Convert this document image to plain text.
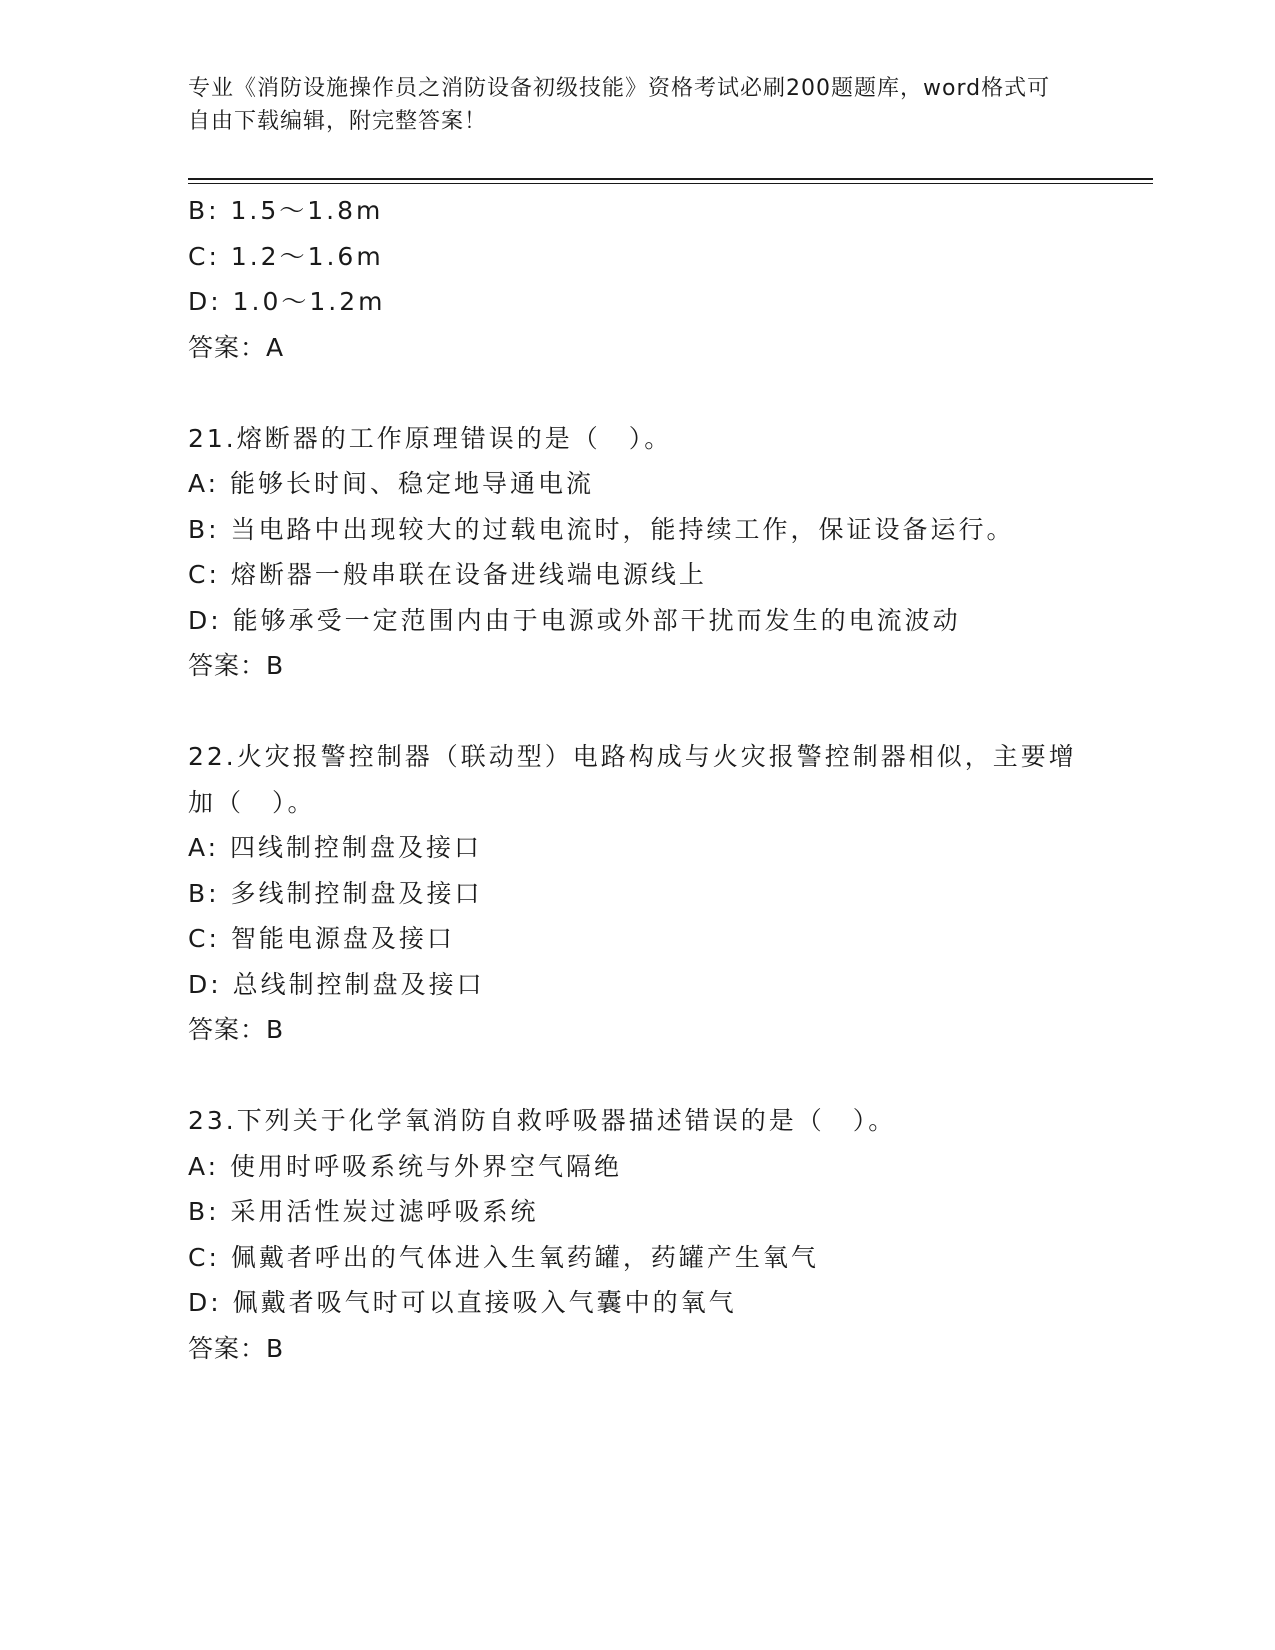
专业《消防设施操作员之消防设备初级技能》资格考试必刷200题题库，word格式可自由下载编辑，附完整答案！
B: 1.5～1.8m
C: 1.2～1.6m
D: 1.0～1.2m
答案：A
21.熔断器的工作原理错误的是（　）。
A: 能够长时间、稳定地导通电流
B: 当电路中出现较大的过载电流时，能持续工作，保证设备运行。
C: 熔断器一般串联在设备进线端电源线上
D: 能够承受一定范围内由于电源或外部干扰而发生的电流波动
答案：B
22.火灾报警控制器（联动型）电路构成与火灾报警控制器相似，主要增加（　）。
A: 四线制控制盘及接口
B: 多线制控制盘及接口
C: 智能电源盘及接口
D: 总线制控制盘及接口
答案：B
23.下列关于化学氧消防自救呼吸器描述错误的是（　）。
A: 使用时呼吸系统与外界空气隔绝
B: 采用活性炭过滤呼吸系统
C: 佩戴者呼出的气体进入生氧药罐，药罐产生氧气
D: 佩戴者吸气时可以直接吸入气囊中的氧气
答案：B
